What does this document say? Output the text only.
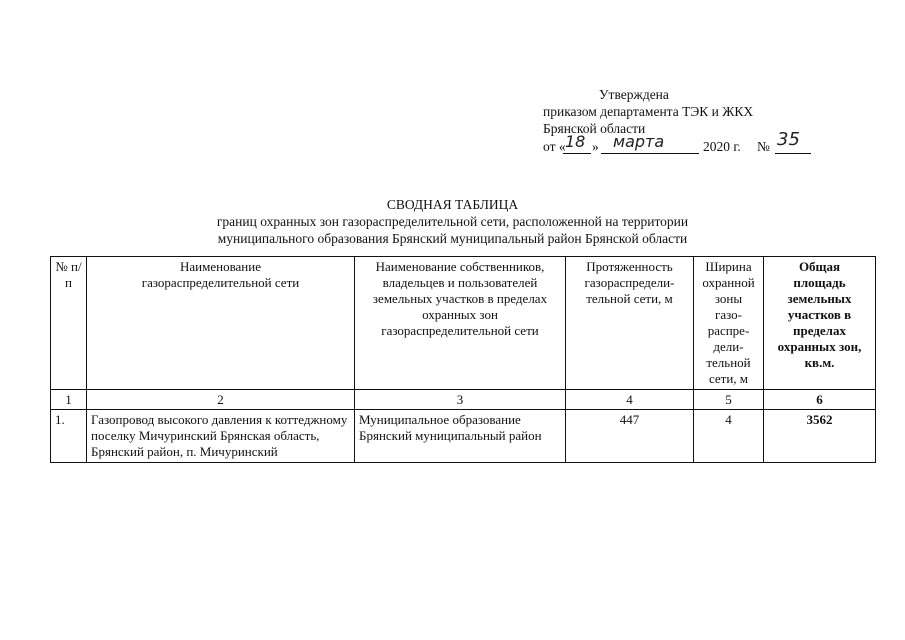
Утверждена
приказом департамента ТЭК и ЖКХ
Брянской области
от « 18 » марта	2020 г. № 35
СВОДНАЯ ТАБЛИЦА
границ охранных зон газораспределительной сети, расположенной на территории
муниципального образования Брянский муниципальный район Брянской области
№ п/п	Наименование газораспределительной сети	Наименование собственников, владельцев и пользователей земельных участков в пределах охранных зон газораспределительной сети	Протяженность газораспредели-тельной сети, м	Ширина охранной зоны газо-распре-дели-тельной сети, м	Общая площадь земельных участков в пределах охранных зон, кв.м.
1	2	3	4	5	6
1.	Газопровод высокого давления к коттеджному поселку Мичуринский Брянская область, Брянский район, п. Мичуринский	Муниципальное образование Брянский муниципальный район	447	4	3562
